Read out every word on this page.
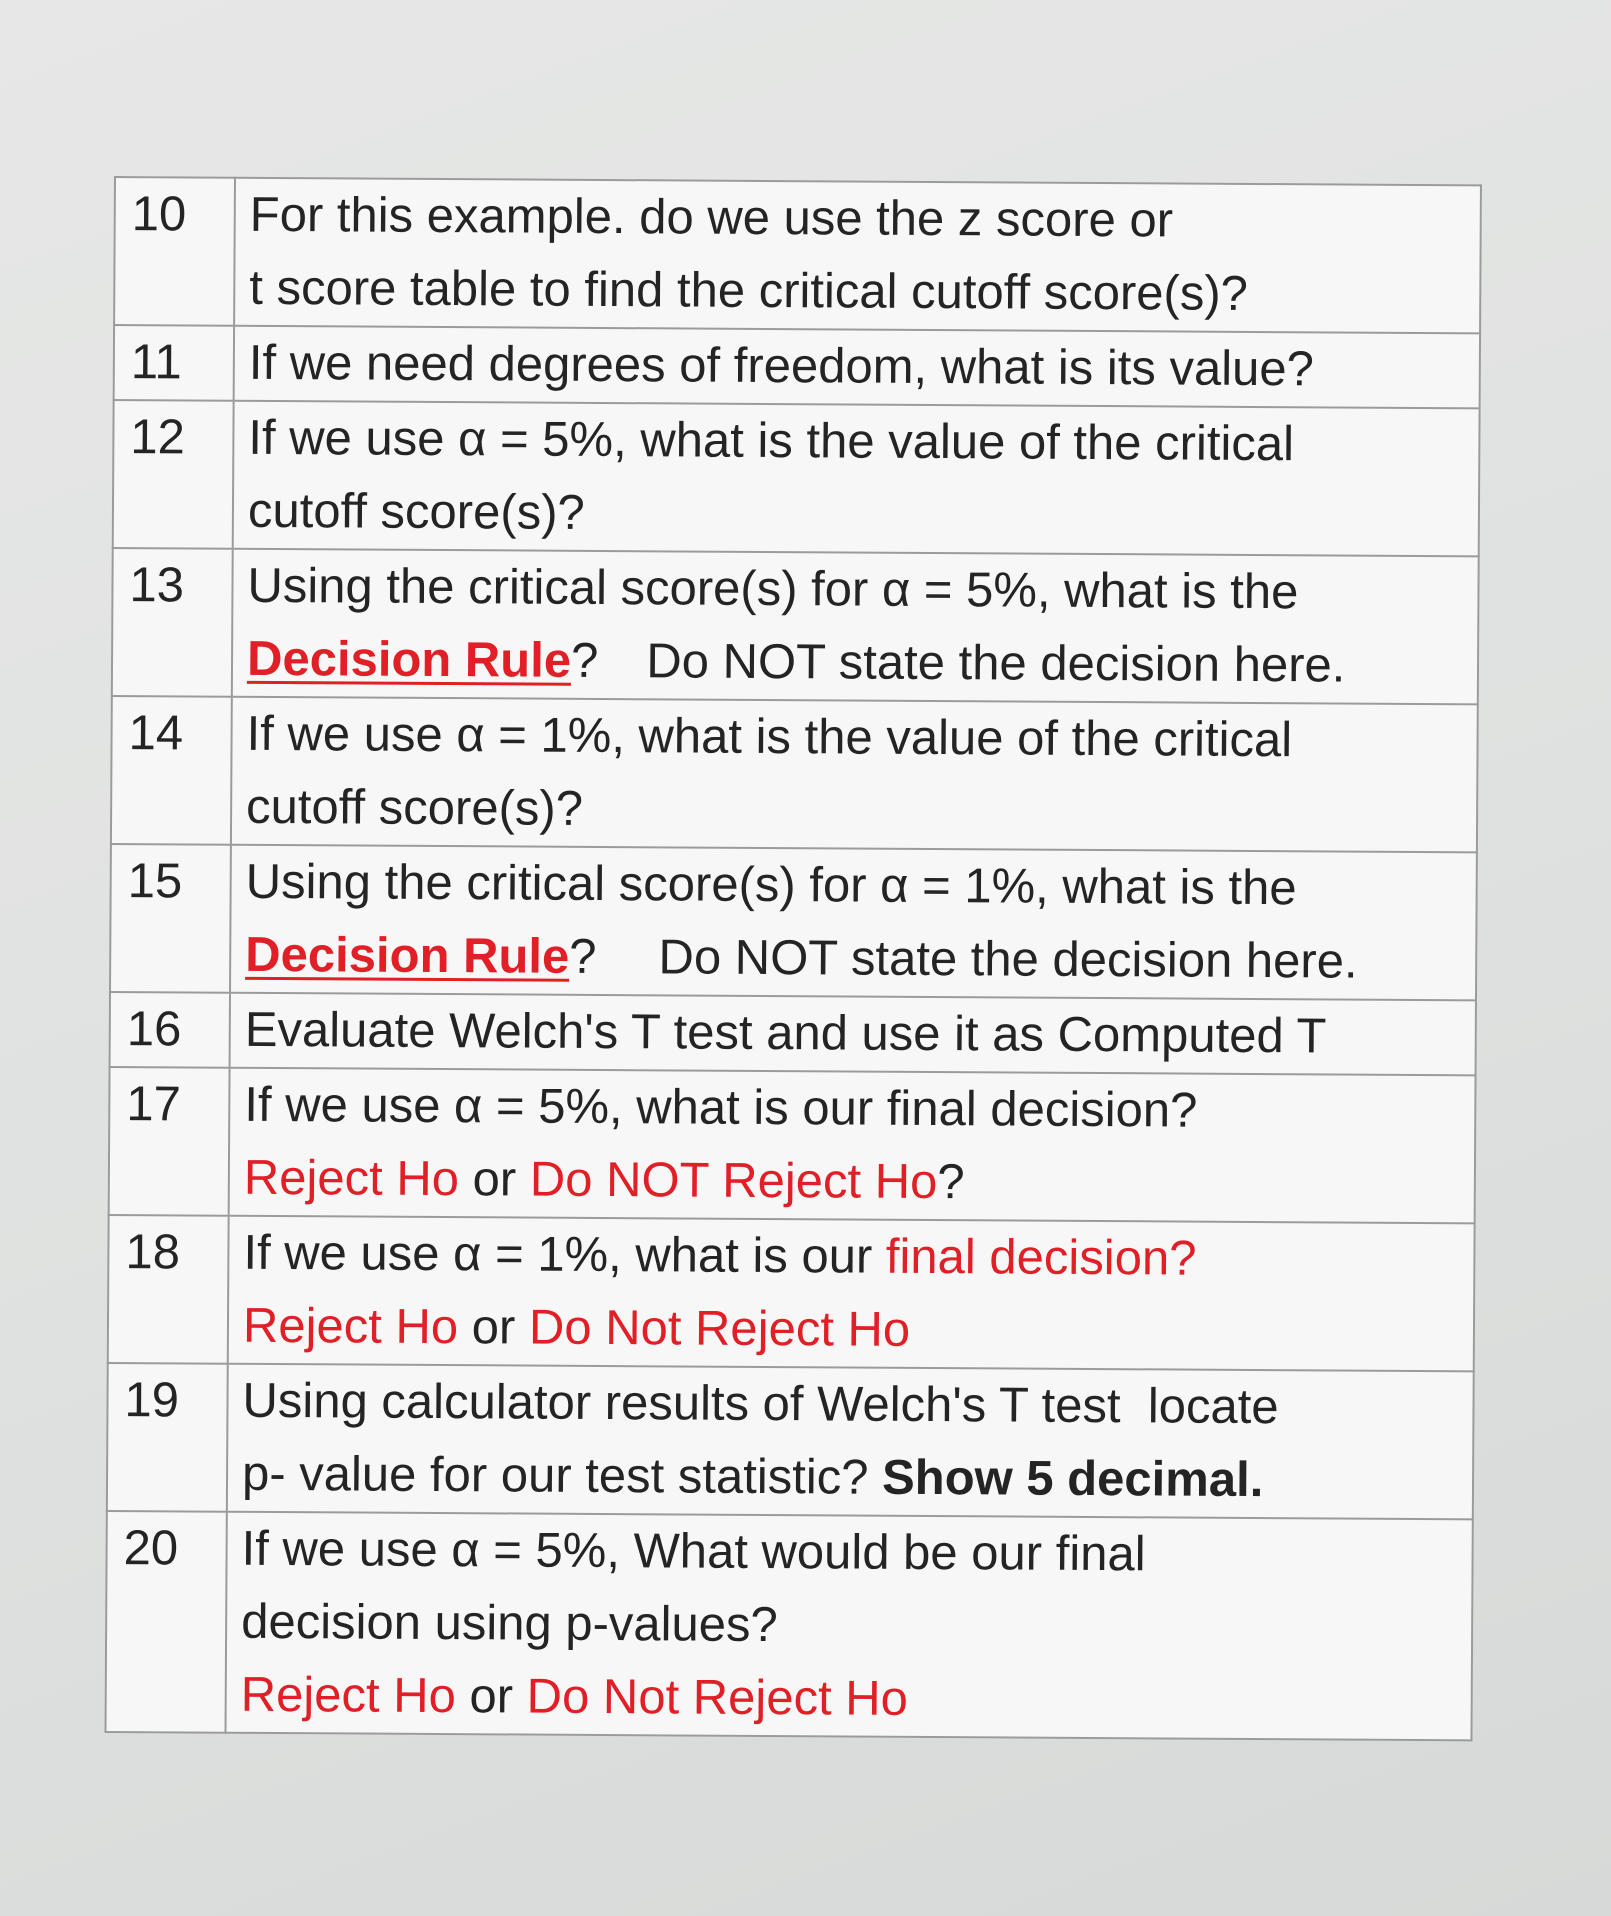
10	For this example. do we use the z score or
t score table to find the critical cutoff score(s)?

11	If we need degrees of freedom, what is its value?

12	If we use α = 5%, what is the value of the critical
cutoff score(s)?

13	Using the critical score(s) for α = 5%, what is the
Decision Rule? Do NOT state the decision here.

14	If we use α = 1%, what is the value of the critical
cutoff score(s)?

15	Using the critical score(s) for α = 1%, what is the
Decision Rule? Do NOT state the decision here.

16	Evaluate Welch's T test and use it as Computed T

17	If we use α = 5%, what is our final decision?
Reject Ho or Do NOT Reject Ho?

18	If we use α = 1%, what is our final decision?
Reject Ho or Do Not Reject Ho

19	Using calculator results of Welch's T test  locate
p- value for our test statistic? Show 5 decimal.

20	If we use α = 5%, What would be our final
decision using p-values?
Reject Ho or Do Not Reject Ho
